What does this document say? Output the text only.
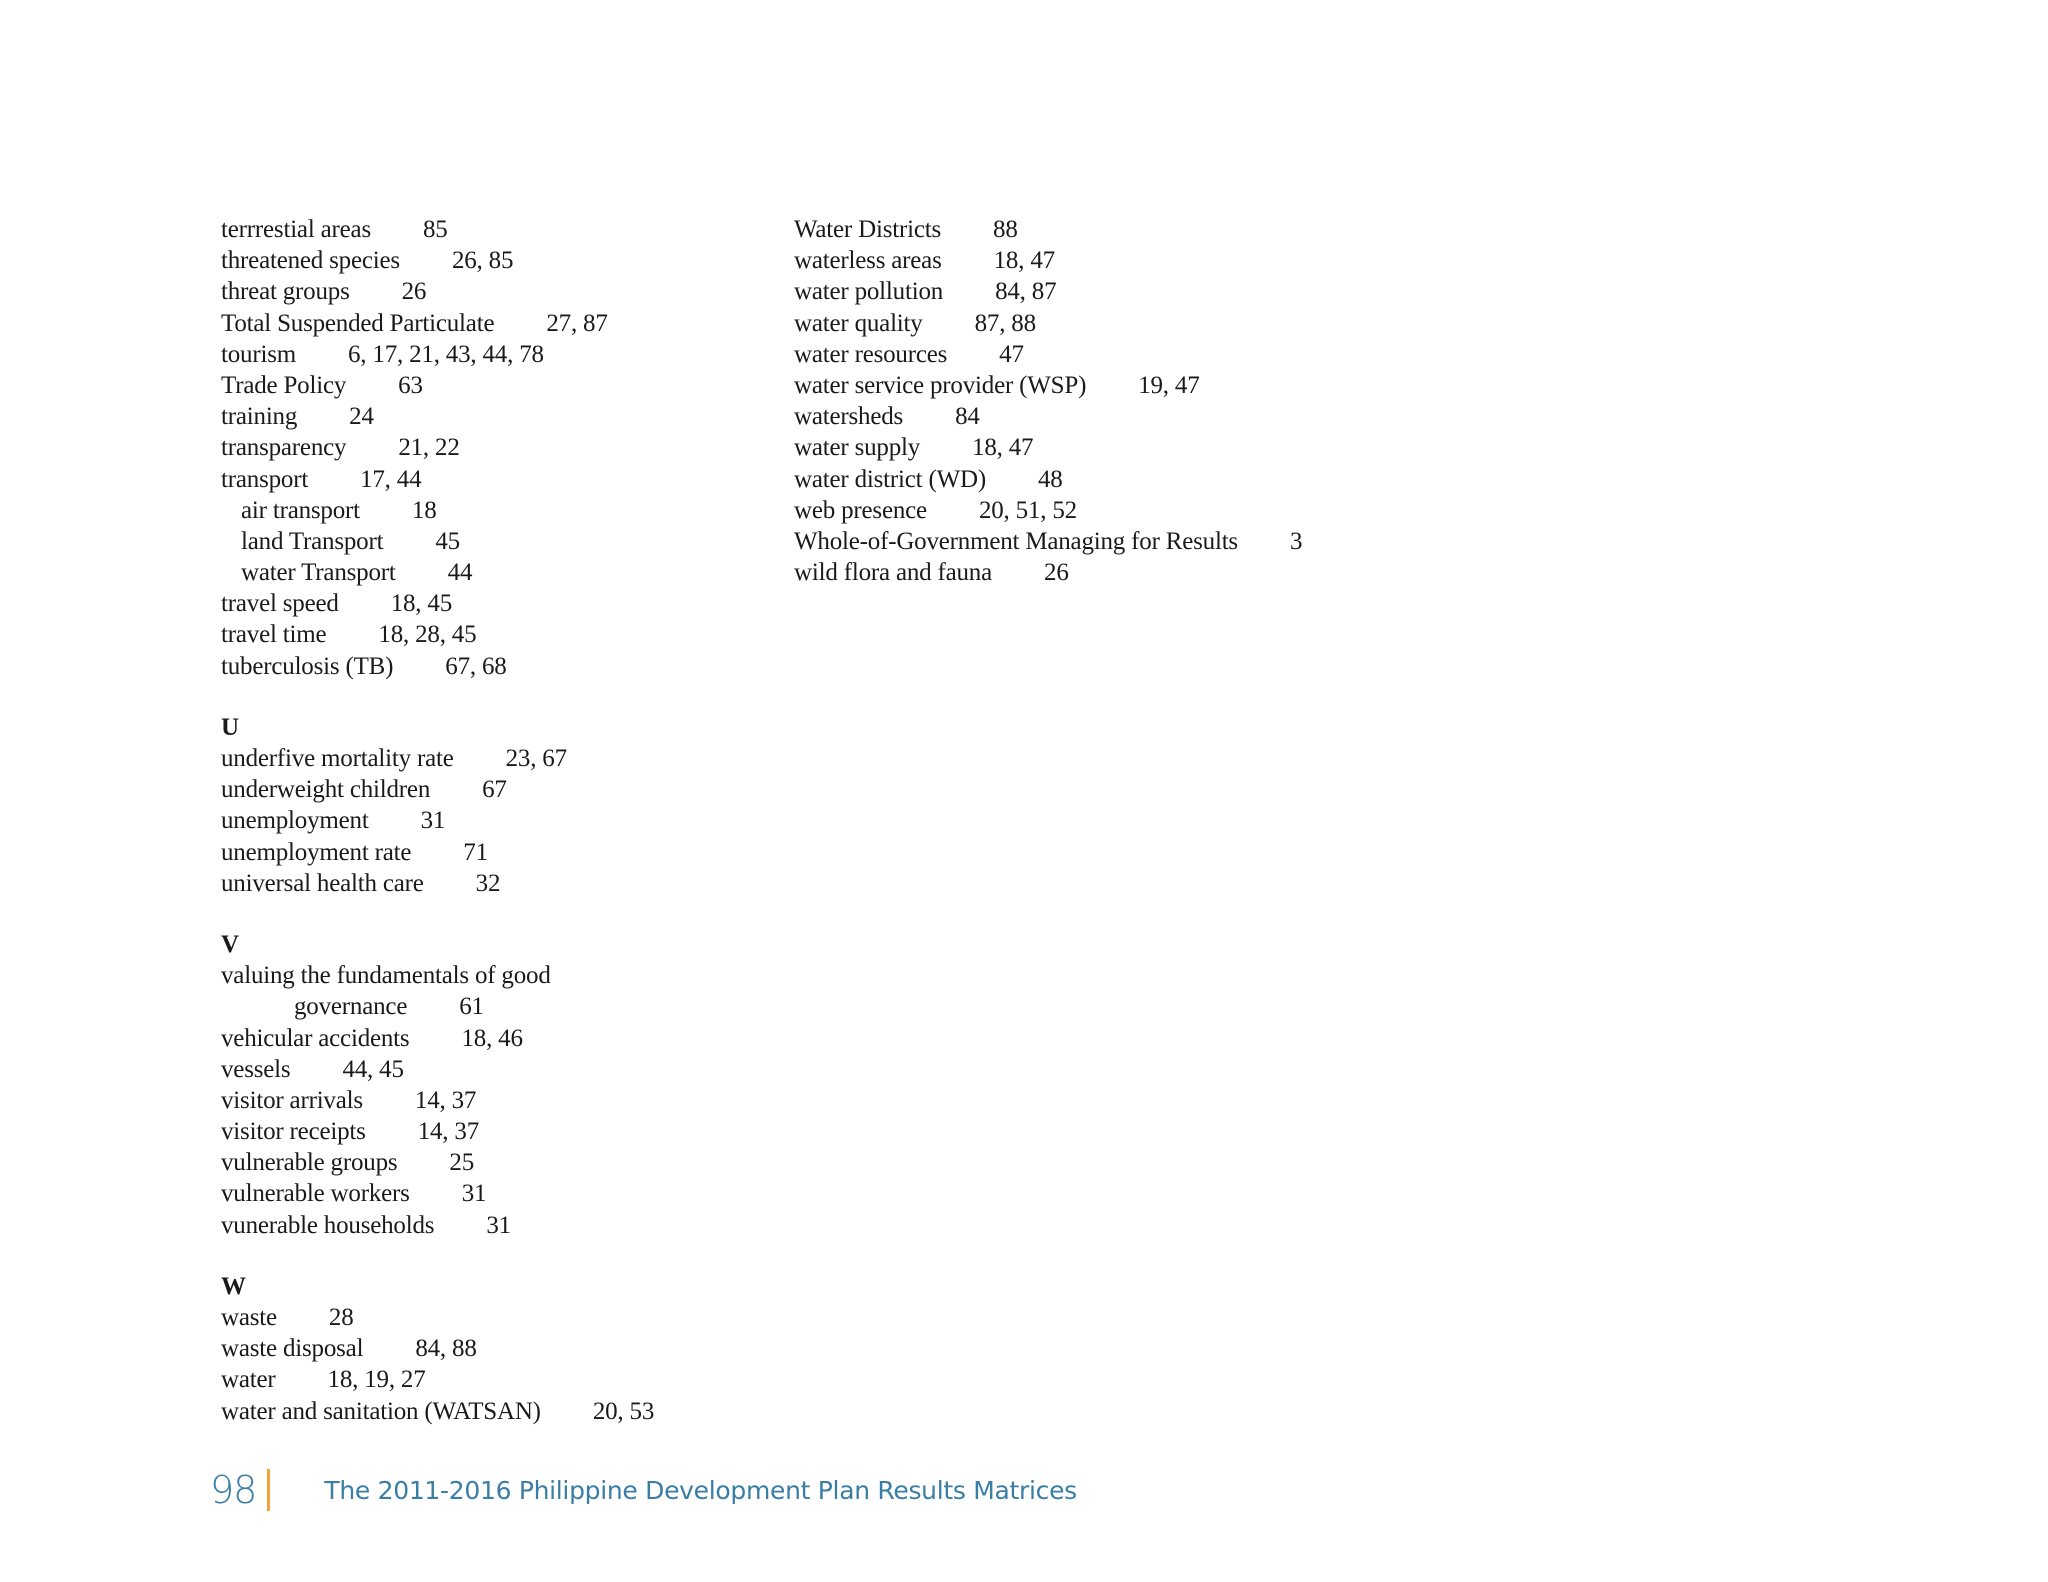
terrrestial areas 85
threatened species 26, 85
threat groups 26
Total Suspended Particulate 27, 87
tourism 6, 17, 21, 43, 44, 78
Trade Policy 63
training 24
transparency 21, 22
transport 17, 44
air transport 18
land Transport 45
water Transport 44
travel speed 18, 45
travel time 18, 28, 45
tuberculosis (TB) 67, 68
U
underfive mortality rate 23, 67
underweight children 67
unemployment 31
unemployment rate 71
universal health care 32
V
valuing the fundamentals of good
governance 61
vehicular accidents 18, 46
vessels 44, 45
visitor arrivals 14, 37
visitor receipts 14, 37
vulnerable groups 25
vulnerable workers 31
vunerable households 31
W
waste 28
waste disposal 84, 88
water 18, 19, 27
water and sanitation (WATSAN) 20, 53
Water Districts 88
waterless areas 18, 47
water pollution 84, 87
water quality 87, 88
water resources 47
water service provider (WSP) 19, 47
watersheds 84
water supply 18, 47
water district (WD) 48
web presence 20, 51, 52
Whole-of-Government Managing for Results 3
wild flora and fauna 26
98	The 2011-2016 Philippine Development Plan Results Matrices
